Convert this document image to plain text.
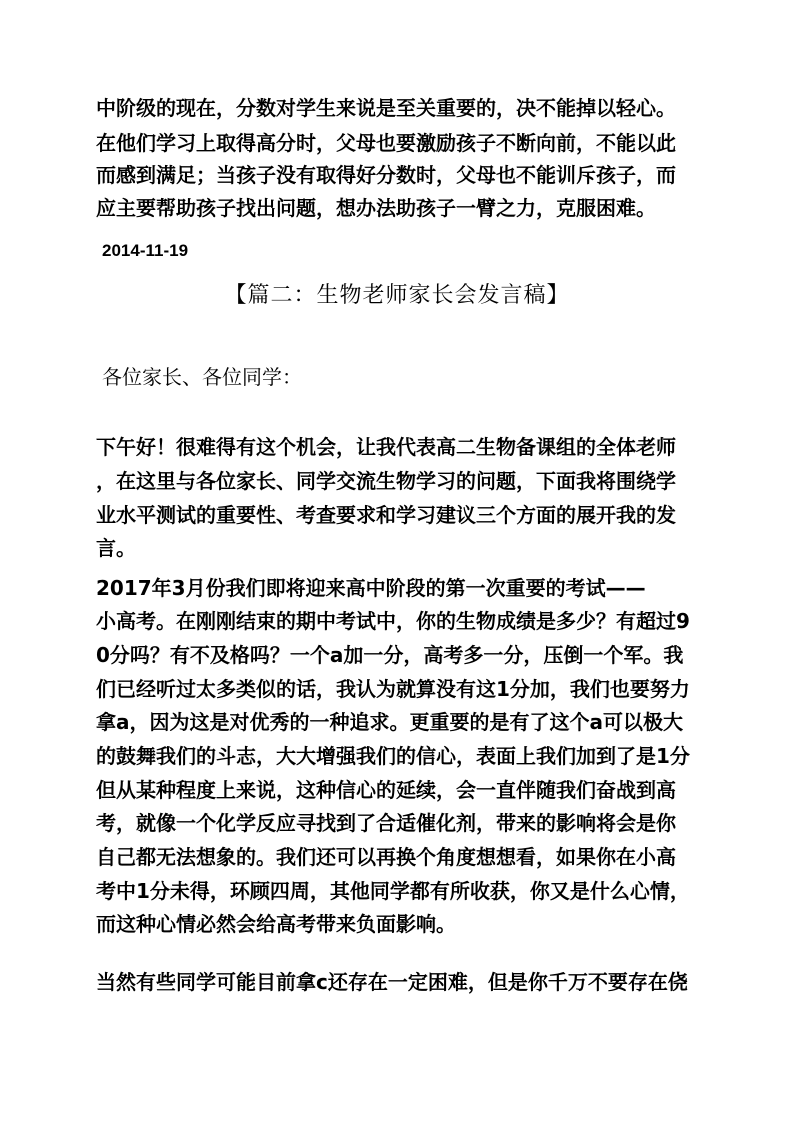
中阶级的现在，分数对学生来说是至关重要的，决不能掉以轻心。
在他们学习上取得高分时，父母也要激励孩子不断向前，不能以此
而感到满足；当孩子没有取得好分数时，父母也不能训斥孩子，而
应主要帮助孩子找出问题，想办法助孩子一臂之力，克服困难。
2014-11-19
【篇二：生物老师家长会发言稿】
各位家长、各位同学：
下午好！很难得有这个机会，让我代表高二生物备课组的全体老师
，在这里与各位家长、同学交流生物学习的问题，下面我将围绕学
业水平测试的重要性、考查要求和学习建议三个方面的展开我的发
言。
2017年3月份我们即将迎来高中阶段的第一次重要的考试——
小高考。在刚刚结束的期中考试中，你的生物成绩是多少？有超过9
0分吗？有不及格吗？一个a加一分，高考多一分，压倒一个军。我
们已经听过太多类似的话，我认为就算没有这1分加，我们也要努力
拿a，因为这是对优秀的一种追求。更重要的是有了这个a可以极大
的鼓舞我们的斗志，大大增强我们的信心，表面上我们加到了是1分
但从某种程度上来说，这种信心的延续，会一直伴随我们奋战到高
考，就像一个化学反应寻找到了合适催化剂，带来的影响将会是你
自己都无法想象的。我们还可以再换个角度想想看，如果你在小高
考中1分未得，环顾四周，其他同学都有所收获，你又是什么心情，
而这种心情必然会给高考带来负面影响。
当然有些同学可能目前拿c还存在一定困难，但是你千万不要存在侥
